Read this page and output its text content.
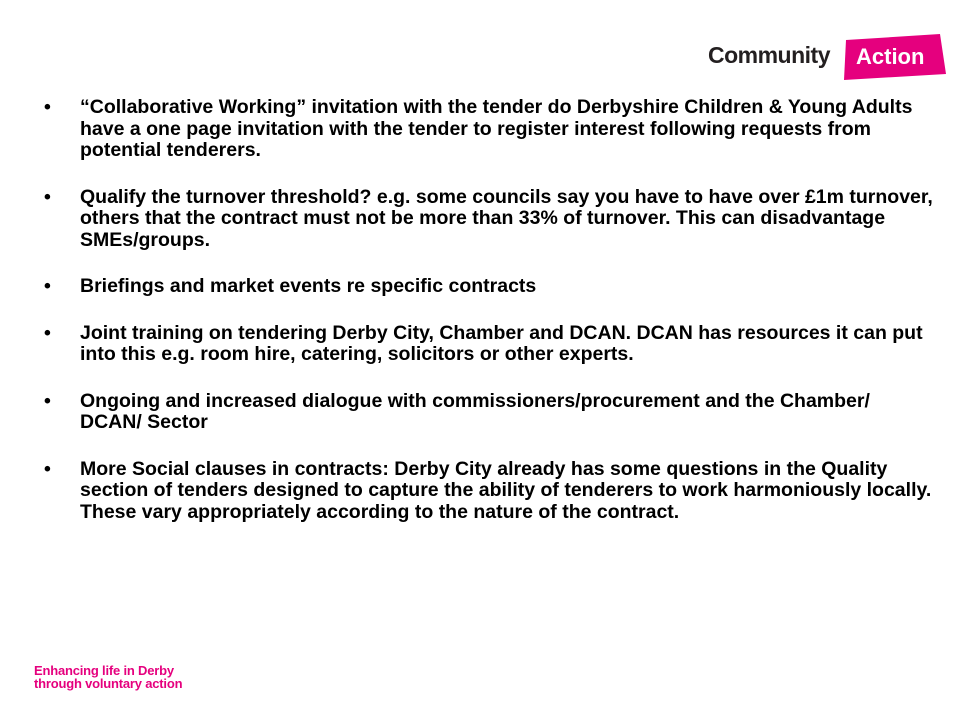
Community Action
• “Collaborative Working” invitation with the tender do Derbyshire Children & Young Adults have a one page invitation with the tender to register interest following requests from potential tenderers.
• Qualify the turnover threshold? e.g. some councils say you have to have over £1m turnover, others that the contract must not be more than 33% of turnover. This can disadvantage SMEs/groups.
• Briefings and market events re specific contracts
• Joint training on tendering Derby City, Chamber and DCAN. DCAN has resources it can put into this e.g. room hire, catering, solicitors or other experts.
• Ongoing and increased dialogue with commissioners/procurement and the Chamber/ DCAN/ Sector
• More Social clauses in contracts: Derby City already has some questions in the Quality section of tenders designed to capture the ability of tenderers to work harmoniously locally. These vary appropriately according to the nature of the contract.
Enhancing life in Derby
through voluntary action
